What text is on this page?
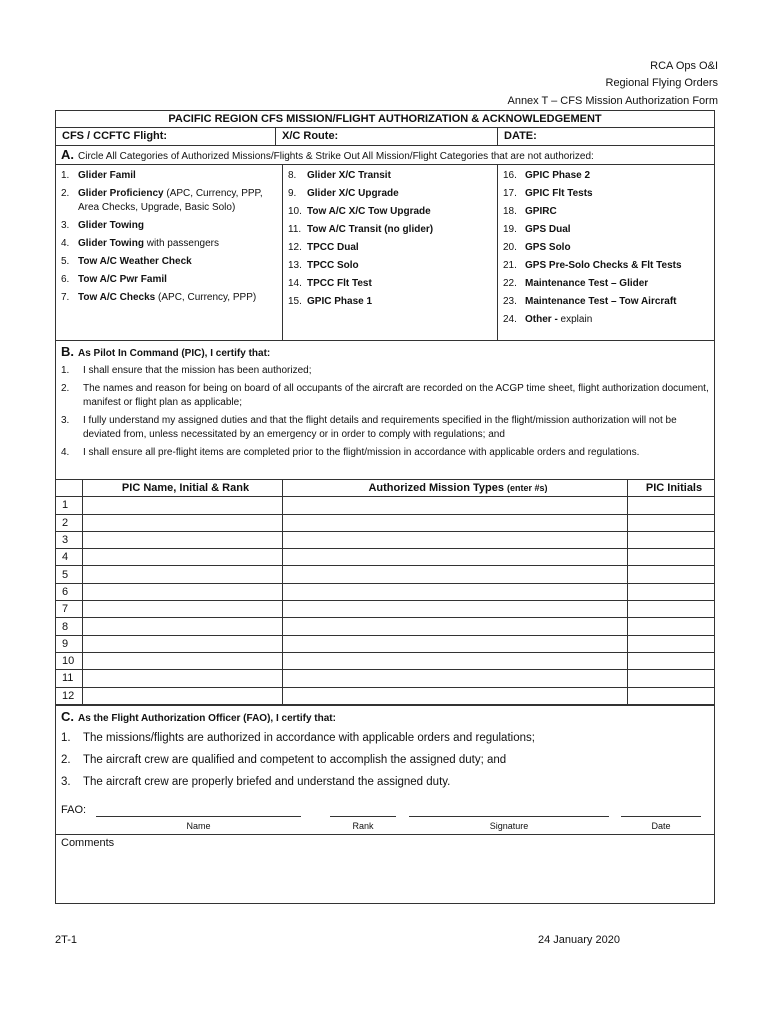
RCA Ops O&I
Regional Flying Orders
Annex T – CFS Mission Authorization Form
PACIFIC REGION CFS MISSION/FLIGHT AUTHORIZATION & ACKNOWLEDGEMENT
CFS / CCFTC Flight:	X/C Route:	DATE:
A. Circle All Categories of Authorized Missions/Flights & Strike Out All Mission/Flight Categories that are not authorized:
1. Glider Famil
2. Glider Proficiency (APC, Currency, PPP, Area Checks, Upgrade, Basic Solo)
3. Glider Towing
4. Glider Towing with passengers
5. Tow A/C Weather Check
6. Tow A/C Pwr Famil
7. Tow A/C Checks (APC, Currency, PPP)
8.	Glider X/C Transit
9.	Glider X/C Upgrade
10. Tow A/C X/C Tow Upgrade
11. Tow A/C Transit (no glider)
12. TPCC Dual
13. TPCC Solo
14. TPCC Flt Test
15. GPIC Phase 1
16. GPIC Phase 2
17. GPIC Flt Tests
18. GPIRC
19. GPS Dual
20. GPS Solo
21. GPS Pre-Solo Checks & Flt Tests
22. Maintenance Test – Glider
23. Maintenance Test – Tow Aircraft
24. Other - explain
B. As Pilot In Command (PIC), I certify that:
1.	I shall ensure that the mission has been authorized;
2.	The names and reason for being on board of all occupants of the aircraft are recorded on the ACGP time sheet, flight authorization document, manifest or flight plan as applicable;
3.	I fully understand my assigned duties and that the flight details and requirements specified in the flight/mission authorization will not be deviated from, unless necessitated by an emergency or in order to comply with regulations; and
4.	I shall ensure all pre-flight items are completed prior to the flight/mission in accordance with applicable orders and regulations.
	PIC Name, Initial & Rank	Authorized Mission Types (enter #s)	PIC Initials
1			
2			
3			
4			
5			
6			
7			
8			
9			
10			
11			
12			
C. As the Flight Authorization Officer (FAO), I certify that:
1.	The missions/flights are authorized in accordance with applicable orders and regulations;
2.	The aircraft crew are qualified and competent to accomplish the assigned duty; and
3.	The aircraft crew are properly briefed and understand the assigned duty.
FAO:
Name	Rank	Signature	Date
Comments
2T-1	24 January 2020
